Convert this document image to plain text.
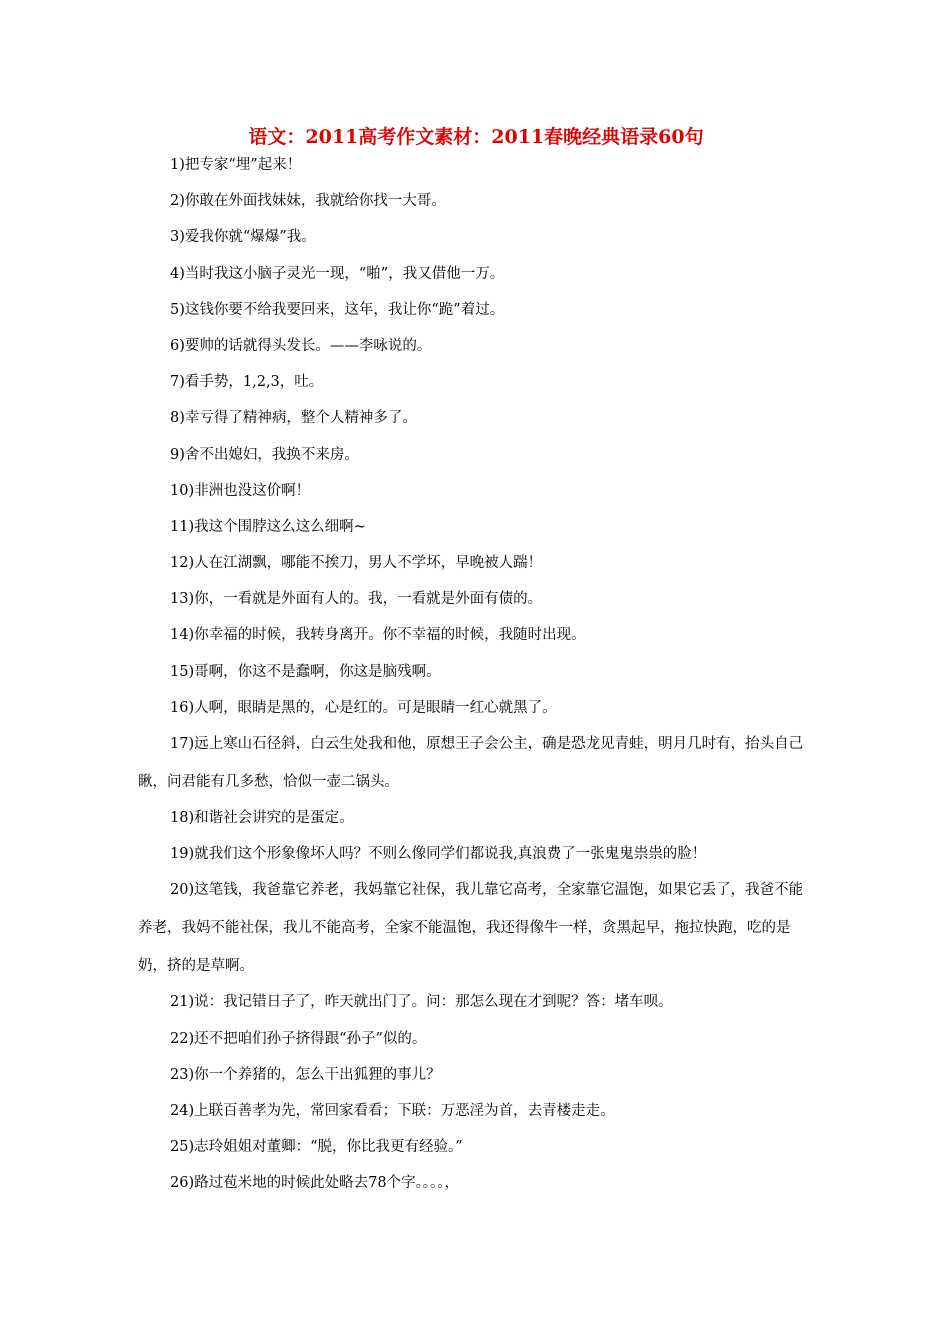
语文：2011高考作文素材：2011春晚经典语录60句
1)把专家“埋”起来！
2)你敢在外面找妹妹，我就给你找一大哥。
3)爱我你就“爆爆”我。
4)当时我这小脑子灵光一现，“啪”，我又借他一万。
5)这钱你要不给我要回来，这年，我让你“跪”着过。
6)要帅的话就得头发长。——李咏说的。
7)看手势，1,2,3，吐。
8)幸亏得了精神病，整个人精神多了。
9)舍不出媳妇，我换不来房。
10)非洲也没这价啊！
11)我这个围脖这么这么细啊~
12)人在江湖飘，哪能不挨刀，男人不学坏，早晚被人踹！
13)你，一看就是外面有人的。我，一看就是外面有债的。
14)你幸福的时候，我转身离开。你不幸福的时候，我随时出现。
15)哥啊，你这不是蠢啊，你这是脑残啊。
16)人啊，眼睛是黑的，心是红的。可是眼睛一红心就黑了。
17)远上寒山石径斜，白云生处我和他，原想王子会公主，确是恐龙见青蛙，明月几时有，抬头自己瞅，问君能有几多愁，恰似一壶二锅头。
18)和谐社会讲究的是蛋定。
19)就我们这个形象像坏人吗？不则么像同学们都说我,真浪费了一张鬼鬼祟祟的脸！
20)这笔钱，我爸靠它养老，我妈靠它社保，我儿靠它高考，全家靠它温饱，如果它丢了，我爸不能养老，我妈不能社保，我儿不能高考，全家不能温饱，我还得像牛一样，贪黑起早，拖拉快跑，吃的是奶，挤的是草啊。
21)说：我记错日子了，昨天就出门了。问：那怎么现在才到呢？答：堵车呗。
22)还不把咱们孙子挤得跟“孙子”似的。
23)你一个养猪的，怎么干出狐狸的事儿？
24)上联百善孝为先，常回家看看；下联：万恶淫为首，去青楼走走。
25)志玲姐姐对董卿：“脱，你比我更有经验。”
26)路过苞米地的时候此处略去78个字。。。。，
